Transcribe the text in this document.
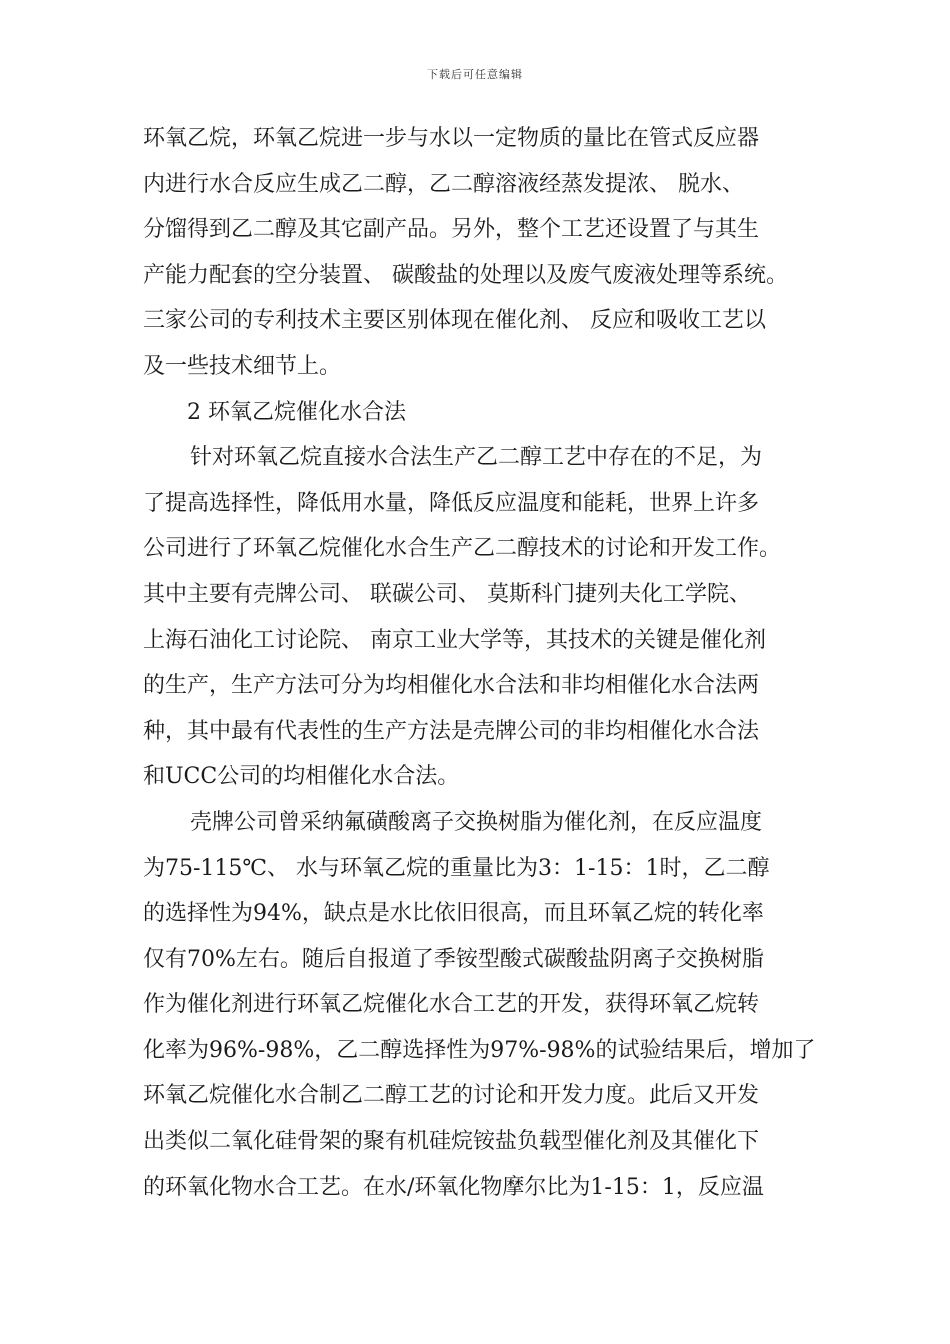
下载后可任意编辑
环氧乙烷，环氧乙烷进一步与水以一定物质的量比在管式反应器
内进行水合反应生成乙二醇，乙二醇溶液经蒸发提浓、 脱水、
分馏得到乙二醇及其它副产品。另外，整个工艺还设置了与其生
产能力配套的空分装置、 碳酸盐的处理以及废气废液处理等系统。
三家公司的专利技术主要区别体现在催化剂、 反应和吸收工艺以
及一些技术细节上。
2 环氧乙烷催化水合法
针对环氧乙烷直接水合法生产乙二醇工艺中存在的不足，为
了提高选择性，降低用水量，降低反应温度和能耗，世界上许多
公司进行了环氧乙烷催化水合生产乙二醇技术的讨论和开发工作。
其中主要有壳牌公司、 联碳公司、 莫斯科门捷列夫化工学院、
上海石油化工讨论院、 南京工业大学等，其技术的关键是催化剂
的生产，生产方法可分为均相催化水合法和非均相催化水合法两
种，其中最有代表性的生产方法是壳牌公司的非均相催化水合法
和UCC公司的均相催化水合法。
壳牌公司曾采纳氟磺酸离子交换树脂为催化剂，在反应温度
为75-115℃、 水与环氧乙烷的重量比为3：1-15：1时，乙二醇
的选择性为94%，缺点是水比依旧很高，而且环氧乙烷的转化率
仅有70%左右。随后自报道了季铵型酸式碳酸盐阴离子交换树脂
作为催化剂进行环氧乙烷催化水合工艺的开发，获得环氧乙烷转
化率为96%-98%，乙二醇选择性为97%-98%的试验结果后，增加了
环氧乙烷催化水合制乙二醇工艺的讨论和开发力度。此后又开发
出类似二氧化硅骨架的聚有机硅烷铵盐负载型催化剂及其催化下
的环氧化物水合工艺。在水/环氧化物摩尔比为1-15：1，反应温
